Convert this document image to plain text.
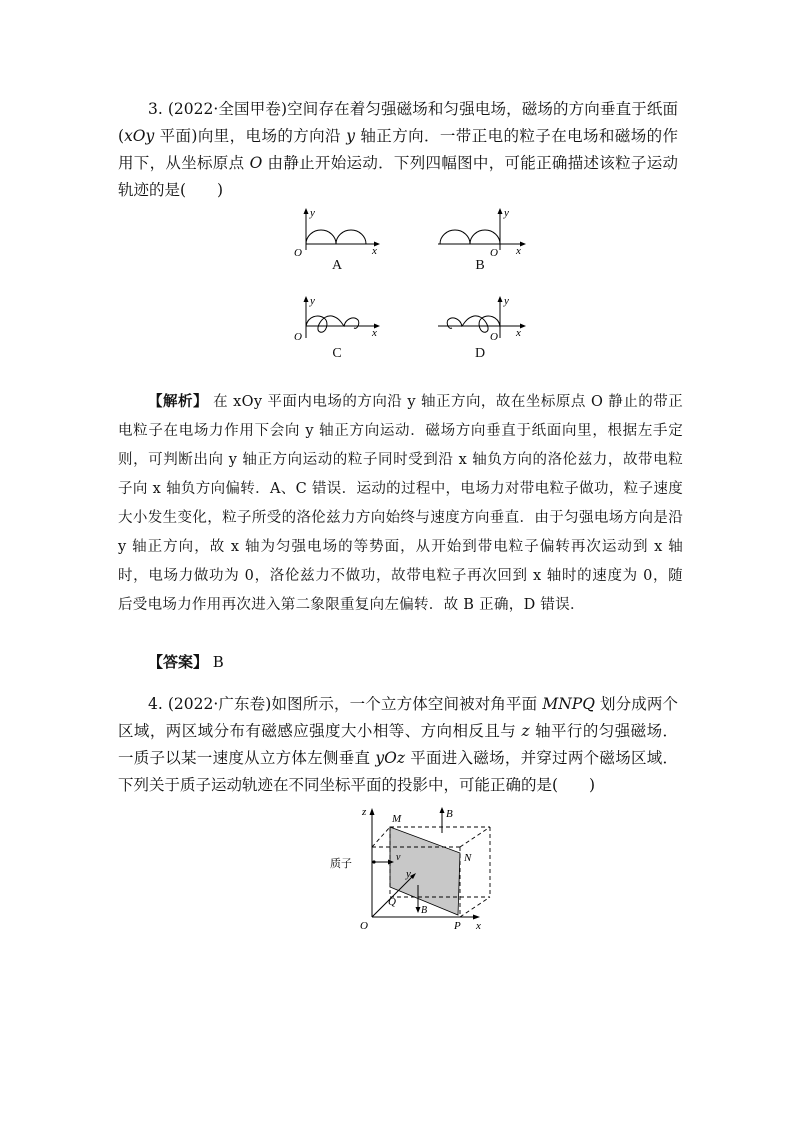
3. (2022·全国甲卷)空间存在着匀强磁场和匀强电场，磁场的方向垂直于纸面(xOy 平面)向里，电场的方向沿 y 轴正方向．一带正电的粒子在电场和磁场的作用下，从坐标原点 O 由静止开始运动．下列四幅图中，可能正确描述该粒子运动轨迹的是(　　)

y
x
O
A
y
x
O
B
y
x
O
C
y
x
O
D

【解析】 在 xOy 平面内电场的方向沿 y 轴正方向，故在坐标原点 O 静止的带正电粒子在电场力作用下会向 y 轴正方向运动．磁场方向垂直于纸面向里，根据左手定则，可判断出向 y 轴正方向运动的粒子同时受到沿 x 轴负方向的洛伦兹力，故带电粒子向 x 轴负方向偏转．A、C 错误．运动的过程中，电场力对带电粒子做功，粒子速度大小发生变化，粒子所受的洛伦兹力方向始终与速度方向垂直．由于匀强电场方向是沿 y 轴正方向，故 x 轴为匀强电场的等势面，从开始到带电粒子偏转再次运动到 x 轴时，电场力做功为 0，洛伦兹力不做功，故带电粒子再次回到 x 轴时的速度为 0，随后受电场力作用再次进入第二象限重复向左偏转．故 B 正确，D 错误．

【答案】 B

4. (2022·广东卷)如图所示，一个立方体空间被对角平面 MNPQ 划分成两个区域，两区域分布有磁感应强度大小相等、方向相反且与 z 轴平行的匀强磁场．一质子以某一速度从立方体左侧垂直 yOz 平面进入磁场，并穿过两个磁场区域．下列关于质子运动轨迹在不同坐标平面的投影中，可能正确的是(　　)

z
M	B
N
质子
v
y
Q
B
O	P x
